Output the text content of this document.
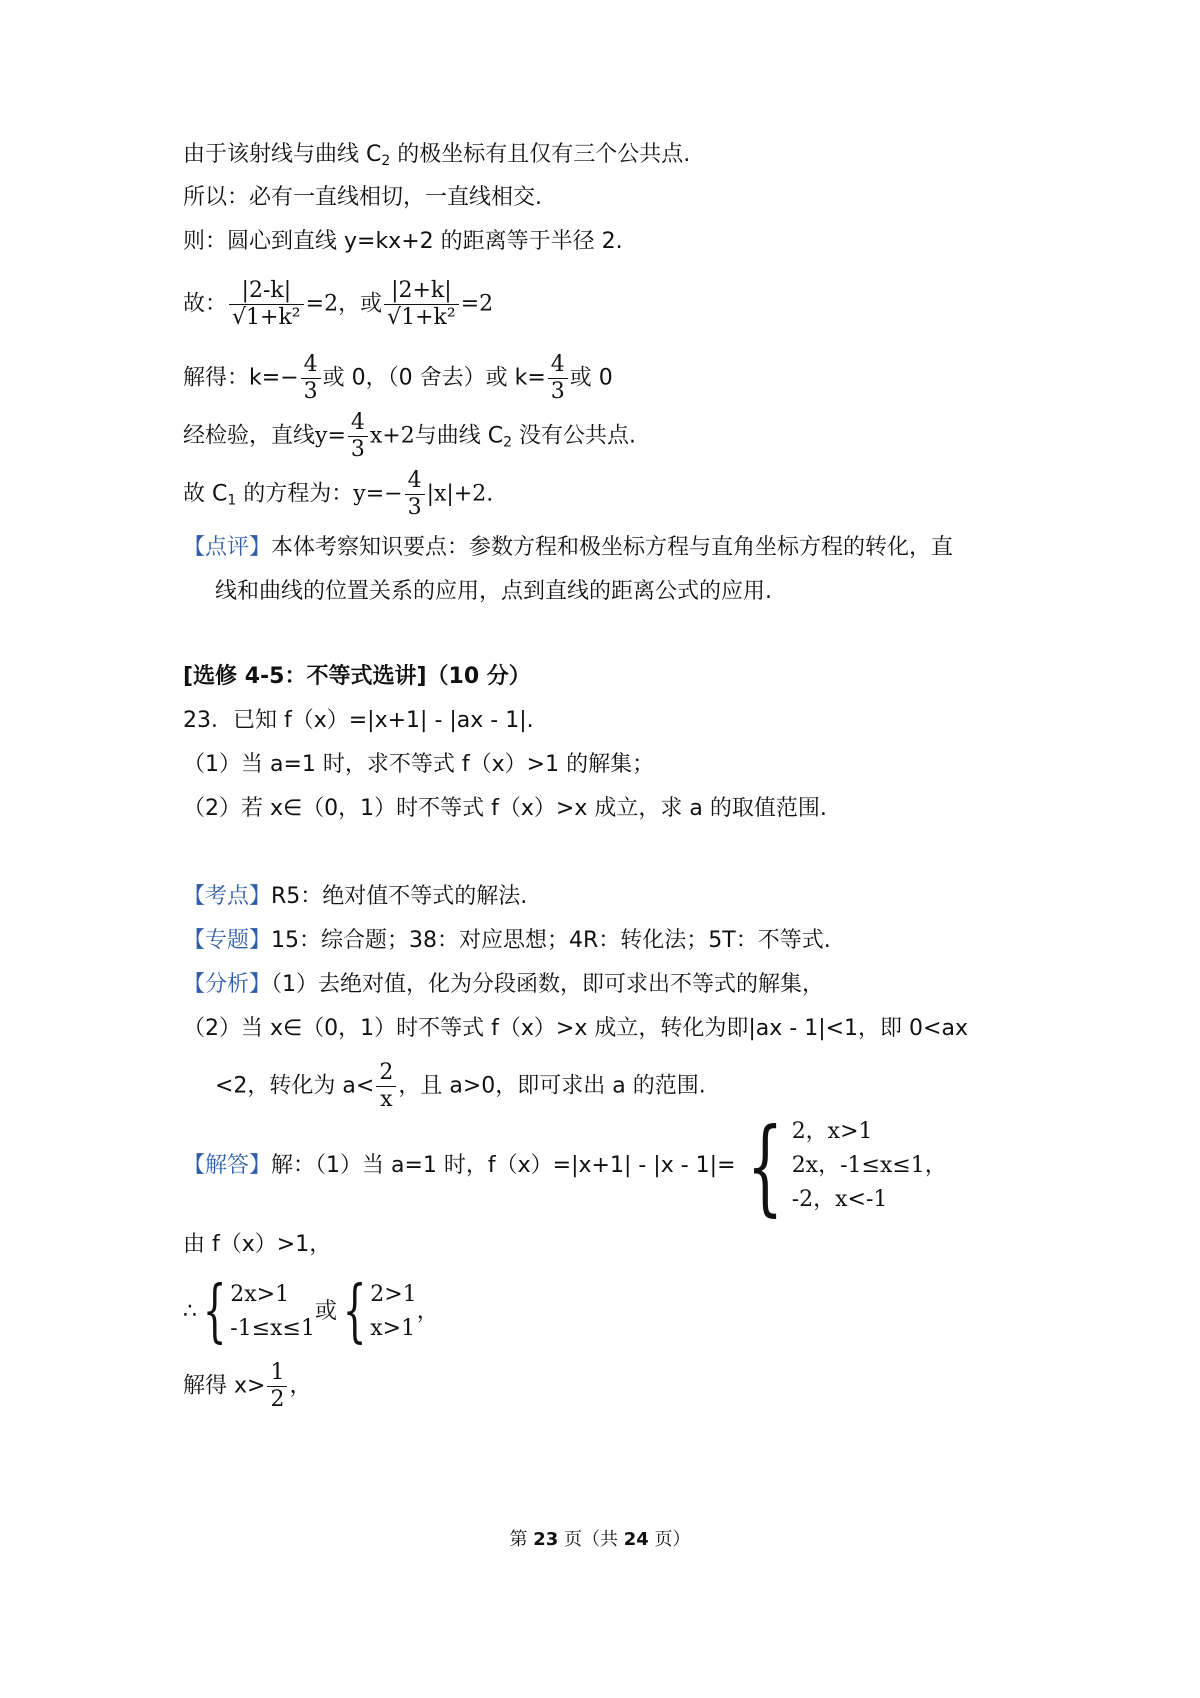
由于该射线与曲线 $C_2$ 的极坐标有且仅有三个公共点.
所以：必有一直线相切，一直线相交.
则：圆心到直线 y=kx+2 的距离等于半径 2.
故： $\frac{|2-k|}{\text{√1+k²}} =2$，或 $\frac{|2+k|}{\text{√1+k²}} =2$
解得：$k=- \frac{4}{3}$ 或 0，（0 舍去）或 $k= \frac{4}{3}$ 或 0
经检验，直线$y= \frac{4}{3} x+2$与曲线 $C_2$ 没有公共点.
故 $C_1$ 的方程为：$y=- \frac{4}{3} |x|+2$.
【点评】本体考察知识要点：参数方程和极坐标方程与直角坐标方程的转化，直
线和曲线的位置关系的应用，点到直线的距离公式的应用.
[选修 4-5：不等式选讲]（10 分）
23．已知 f（x）=|x+1| - |ax - 1|.
（1）当 a=1 时，求不等式 f（x）>1 的解集；
（2）若 x∈（0，1）时不等式 f（x）>x 成立，求 a 的取值范围.
【考点】R5：绝对值不等式的解法.
【专题】15：综合题；38：对应思想；4R：转化法；5T：不等式.
【分析】（1）去绝对值，化为分段函数，即可求出不等式的解集，
（2）当 x∈（0，1）时不等式 f（x）>x 成立，转化为即|ax - 1|<1，即 0<ax
<2，转化为 $a< \frac{2}{x}$ ，且 a>0，即可求出 a 的范围.
【解答】解：（1）当 a=1 时，f（x）=|x+1| - |x - 1|= { 2，x>1
2x，-1≤x≤1，
-2，x<-1
由 f（x）>1，
∴{ 2x>1
-1≤x≤1
或{ 2>1
x>1
，
解得 $x> \frac{1}{2}$ ，
第 23 页（共 24 页）
